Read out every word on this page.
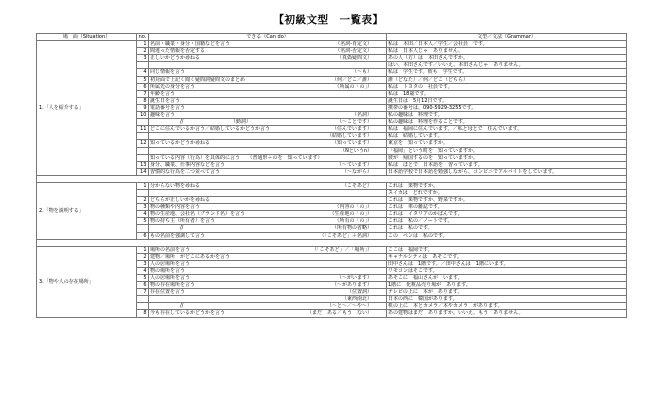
【初級文型　一覧表】
場　面（Situation）	no.	できる（Can do）	文型／文法（Grammar）
1.「人を紹介する」	1	名前・職業・身分・国籍などを言う （名詞-肯定文）	私は　本田／日本人／学生／会社員　です。
	2	間違った情報を否定する （名詞-否定文）	私は　日本人じゃ　ありません。
	3	正しいかどうか尋ねる （真偽疑問文）	あの人（方）は　本田さんですか。

		はい、本田さんです／いいえ、本田さんじゃ　ありません。
	4	同じ情報を言う （～も）	私は　学生です。彼も　学生です。
	5	初対面で上記く聞く疑問詞疑問文のまとめ （何／どこ／誰）	誰（どなた）／何／どこ（どちら）
	6	所属先の身分を言う （所属の「の」）	私は　トヨタの　社員です。
	7	年齢を言う	私は　18歳です。
	8	誕生日を言う	誕生日は　5月12日です。
	9	電話番号を言う	携帯の番号は、090-5929-3255です。
	10	趣味を言う （名詞）	私の趣味は　料理です。
		　　　　　　//　　　　　　　　　　（動詞） （～ことです）	私の趣味は　料理を作ることです。
	11	どこに住んでいるか言う／結婚しているかどうか言う （住んでいます）	私は　福岡に住んでいます。／私と母とで　住んでいます。

		（結婚しています）	私は　結婚しています。
	12	知っているかどうか尋ねる （知っています）	東京を　知っていますか。

		（Nというn）	「福岡」という町を　知っていますか。
		知っている内容（行為）を具体的に言う　　（普通形＋のを　知っています）	彼が　帰国するのを　知っていますか。
	13	身分、職業、仕事内容などを言う （～ています）	私は　ほとで　日本語を　習っています。
	14	習慣的な行為を二つ並べて言う （～ながら）	日本語学校で日本語を勉強しながら、コンビニでアルバイトをしています。

2.「物を説明する」	1	分からない物を尋ねる （こそあど）	これは　果物ですか。

		スイカは　どれですか。
	2	どちらが正しいかを尋ねる	これは　果物ですか、野菜ですか。
	3	物の種類や内容を言う （内容の「の」）	これは　車の雑誌です。
	4	物の生産地、会社名（ブランド名）を言う （生産地の「の」）	これは　イタリアのかばんです。
	5	物の持ち主（所有者）を言う （所有の「の」）	これは　私の／ノートです。
		　　　　　　// （所有物の省略）	これは　私のです。
	6	もの名前を強調して言う （「こそあど」＋名詞）	この　ペンは　私のです。

3.「物や人の存在場所」	1	場所の名前を言う （「こそあど」／「場所」）	ここは　福岡です。
	2	建物／場所　がどこにあるかを言う	キャナルシティは　あそこです。
	3	人の居場所を言う	田中さんは　1階です。／田中さんは　1階にいます。
	4	物の場所を言う	リモコンはそこです。
	5	人の居場所を言う （～がいます）	あそこに　福山さんが　います。
	6	物の存在場所を言う （～があります）	1階に　化粧品売り場が　あります。
	7	存在位置を言う （位置詞）	テレビの上に　本が　あります。

		（東西南北）	日本の西に　韓国があります。
		　　　　　　// （～と～／～や～）	机の上に　本とカメラ／本やカメラ　があります。
	8	今も存在しているかどうかを言う （まだ　ある／もう　ない）	あの建物はまだ　ありますか。いいえ、もう　ありません。
